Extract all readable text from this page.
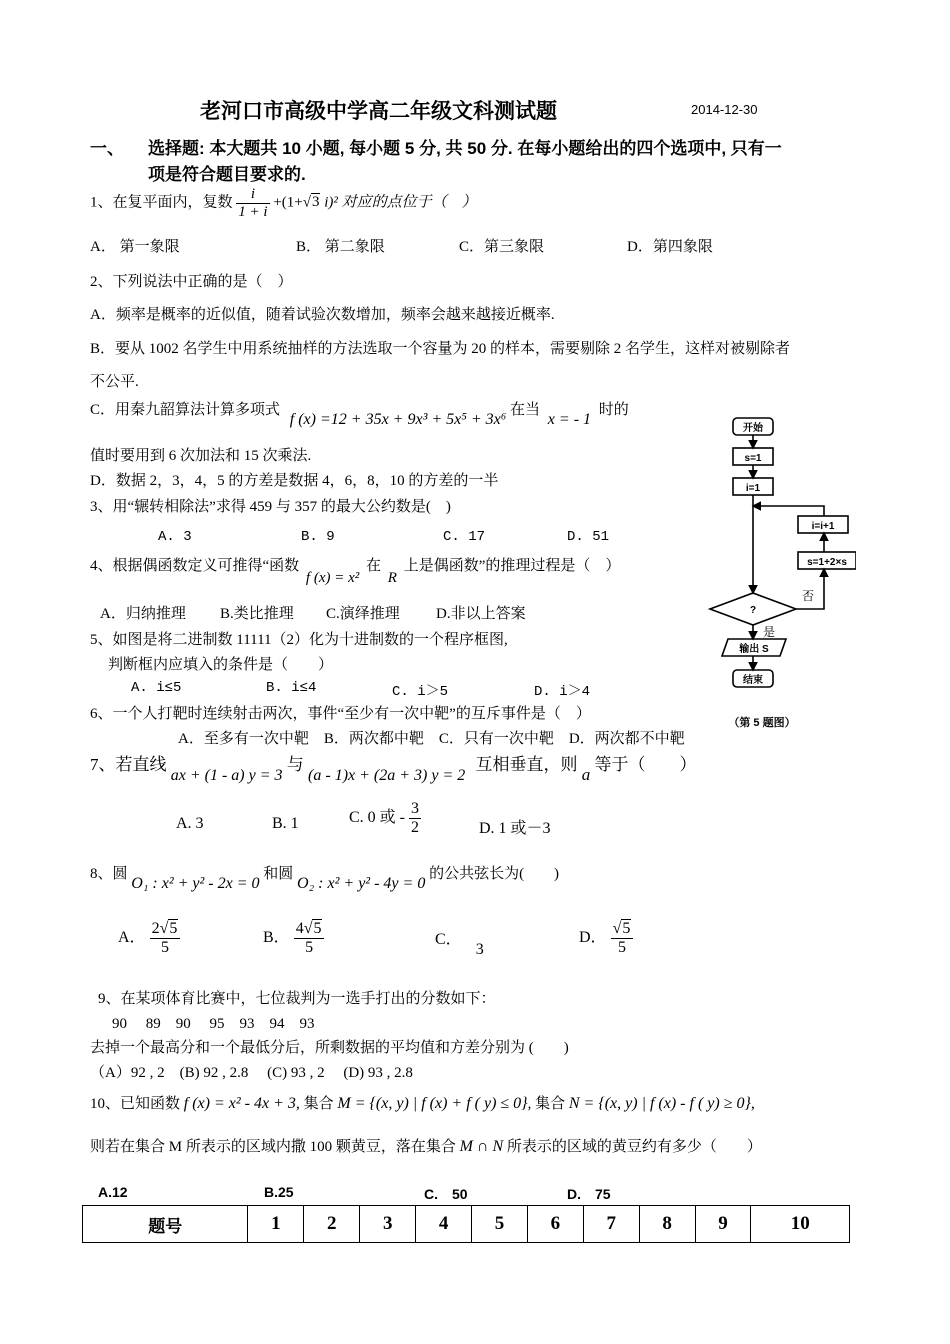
老河口市高级中学高二年级文科测试题	2014-12-30
一、 选择题: 本大题共 10 小题, 每小题 5 分, 共 50 分. 在每小题给出的四个选项中, 只有一
项是符合题目要求的.
1、在复平面内，复数 $\frac{i}{1 + i} +(1+√3$ i)² 对应的点位于（　）
A． 第一象限	B． 第二象限	C．第三象限	D．第四象限
2、下列说法中正确的是（　）
A．频率是概率的近似值，随着试验次数增加，频率会越来越接近概率.
B．要从 1002 名学生中用系统抽样的方法选取一个容量为 20 的样本，需要剔除 2 名学生，这样对被剔除者
不公平.
C．用秦九韶算法计算多项式 f (x) =12 + 35x + 9x³ + 5x⁵ + 3x⁶ 在当 x = - 1 时的
值时要用到 6 次加法和 15 次乘法.
D．数据 2，3，4，5 的方差是数据 4，6，8，10 的方差的一半
3、用“辗转相除法”求得 459 与 357 的最大公约数是(　)
A. 3	B. 9	C. 17	D. 51
4、根据偶函数定义可推得“函数 f (x) = x² 在 R 上是偶函数”的推理过程是（　）
A．归纳推理 B.类比推理 C.演绎推理 D.非以上答案
5、如图是将二进制数 11111（2）化为十进制数的一个程序框图,
判断框内应填入的条件是（　　）
A. i≤5	B. i≤4	C. i＞5	D. i＞4
6、一个人打靶时连续射击两次，事件“至少有一次中靶”的互斥事件是（　）
A．至多有一次中靶　B．两次都中靶　C．只有一次中靶　D．两次都不中靶
7、若直线 ax + (1 - a) y = 3 与 (a - 1)x + (2a + 3) y = 2 互相垂直，则 a 等于（　　）
A. 3	B. 1	C. 0 或 - $\frac{3}{2}$	D. 1 或－3
8、圆 O₁ : x² + y² - 2x = 0 和圆 O₂ : x² + y² - 4y = 0 的公共弦长为(　　)
A． $\frac{2√5}{5}$	B． $\frac{4√5}{5}$	C． 3
D． $\frac{√5}{5}$
9、在某项体育比赛中，七位裁判为一选手打出的分数如下：
90　 89　90　 95　93　94　93
去掉一个最高分和一个最低分后，所剩数据的平均值和方差分别为 (　　)
（A）92 , 2　(B) 92 , 2.8　 (C) 93 , 2　 (D) 93 , 2.8
10、已知函数 f (x) = x² - 4x + 3, 集合 M = {(x, y) | f (x) + f ( y) ≤ 0}, 集合 N = {(x, y) | f (x) - f ( y) ≥ 0},
则若在集合 M 所表示的区域内撒 100 颗黄豆，落在集合 M ∩ N 所表示的区域的黄豆约有多少（　　）
A.12	B.25	C.　50	D.　75
题号	1	2	3	4	5	6	7	8	9	10
开始
s=1
i=1
i=i+1
s=1+2×s
?
否
是
输出 S
结束
（第 5 题图）
